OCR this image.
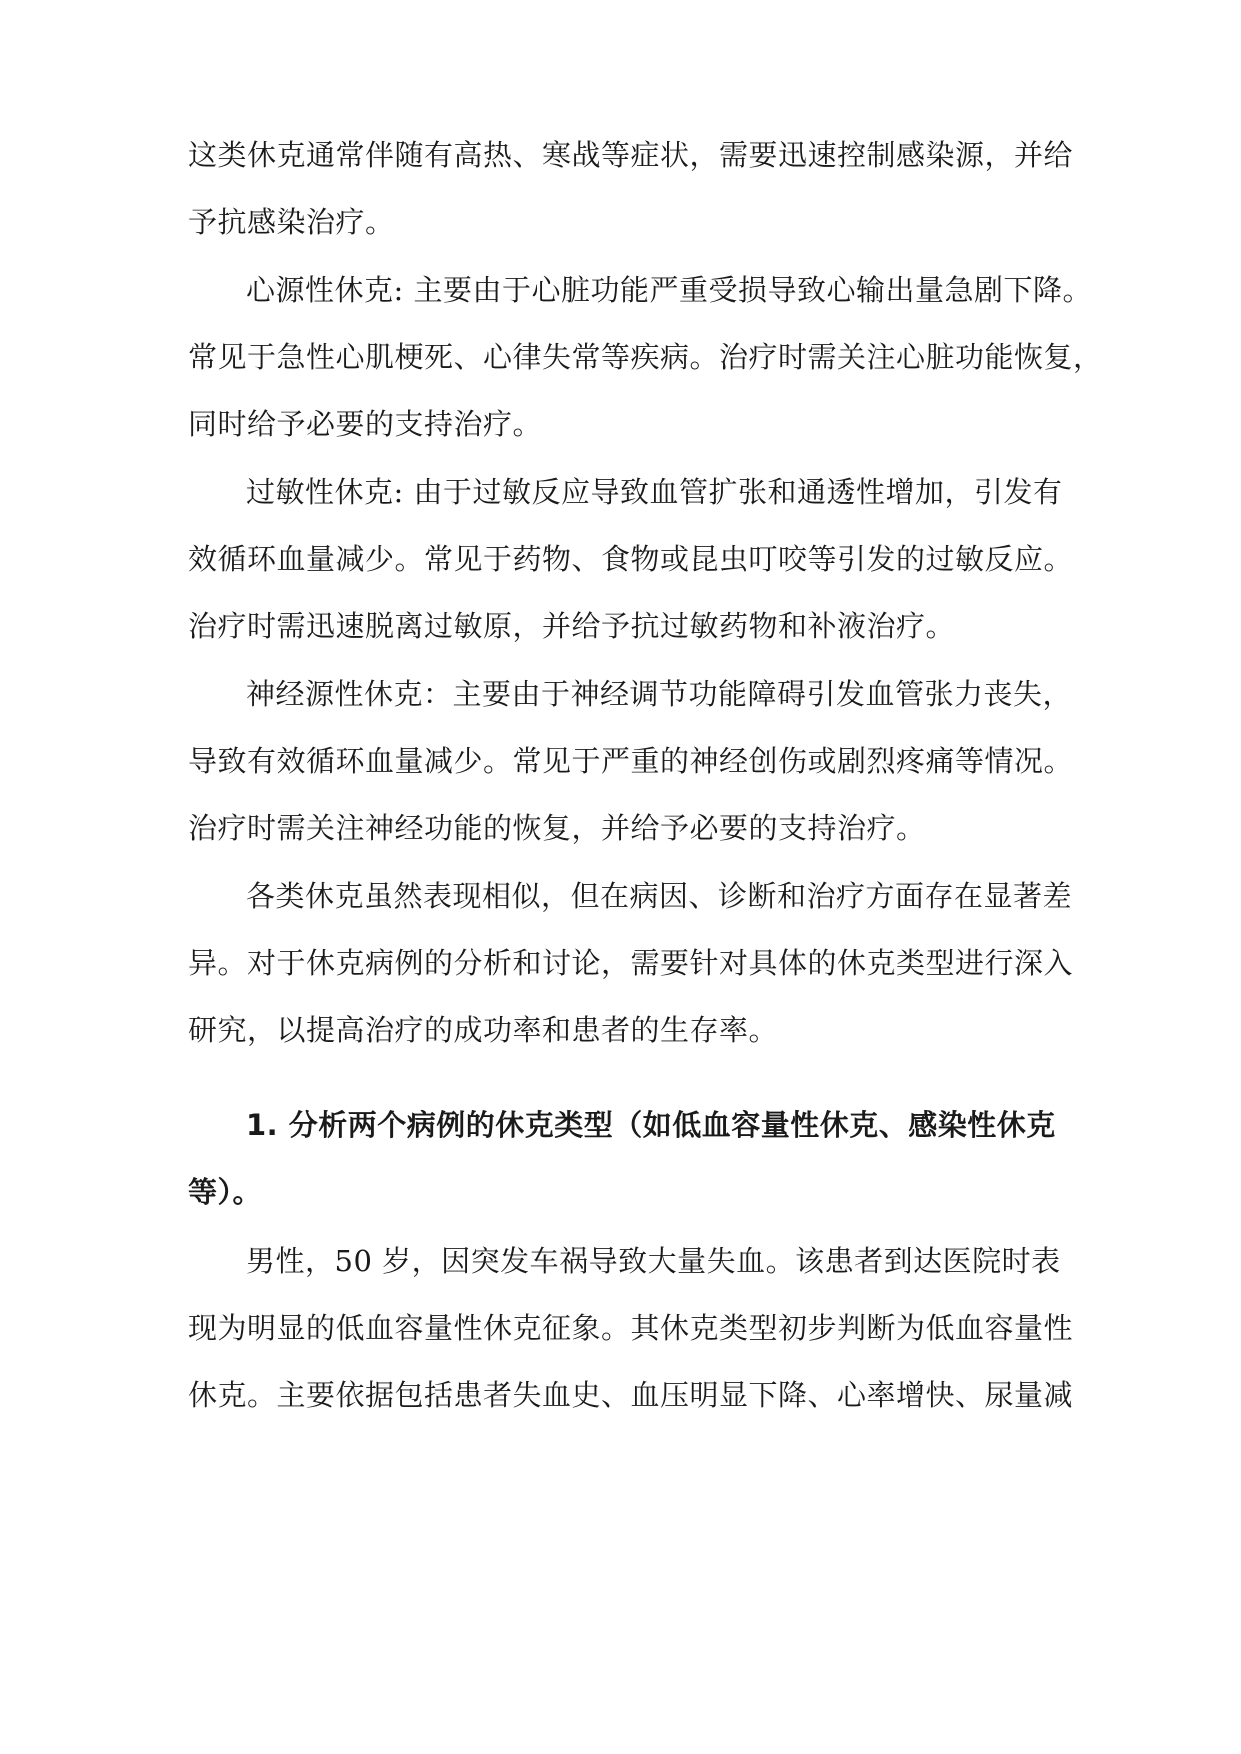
这类休克通常伴随有高热、寒战等症状，需要迅速控制感染源，并给
予抗感染治疗。
心源性休克: 主要由于心脏功能严重受损导致心输出量急剧下降。
常见于急性心肌梗死、心律失常等疾病。治疗时需关注心脏功能恢复，
同时给予必要的支持治疗。
过敏性休克: 由于过敏反应导致血管扩张和通透性增加，引发有
效循环血量减少。常见于药物、食物或昆虫叮咬等引发的过敏反应。
治疗时需迅速脱离过敏原，并给予抗过敏药物和补液治疗。
神经源性休克：主要由于神经调节功能障碍引发血管张力丧失，
导致有效循环血量减少。常见于严重的神经创伤或剧烈疼痛等情况。
治疗时需关注神经功能的恢复，并给予必要的支持治疗。
各类休克虽然表现相似，但在病因、诊断和治疗方面存在显著差
异。对于休克病例的分析和讨论，需要针对具体的休克类型进行深入
研究，以提高治疗的成功率和患者的生存率。
1. 分析两个病例的休克类型（如低血容量性休克、感染性休克
等）。
男性，50 岁，因突发车祸导致大量失血。该患者到达医院时表
现为明显的低血容量性休克征象。其休克类型初步判断为低血容量性
休克。主要依据包括患者失血史、血压明显下降、心率增快、尿量减
